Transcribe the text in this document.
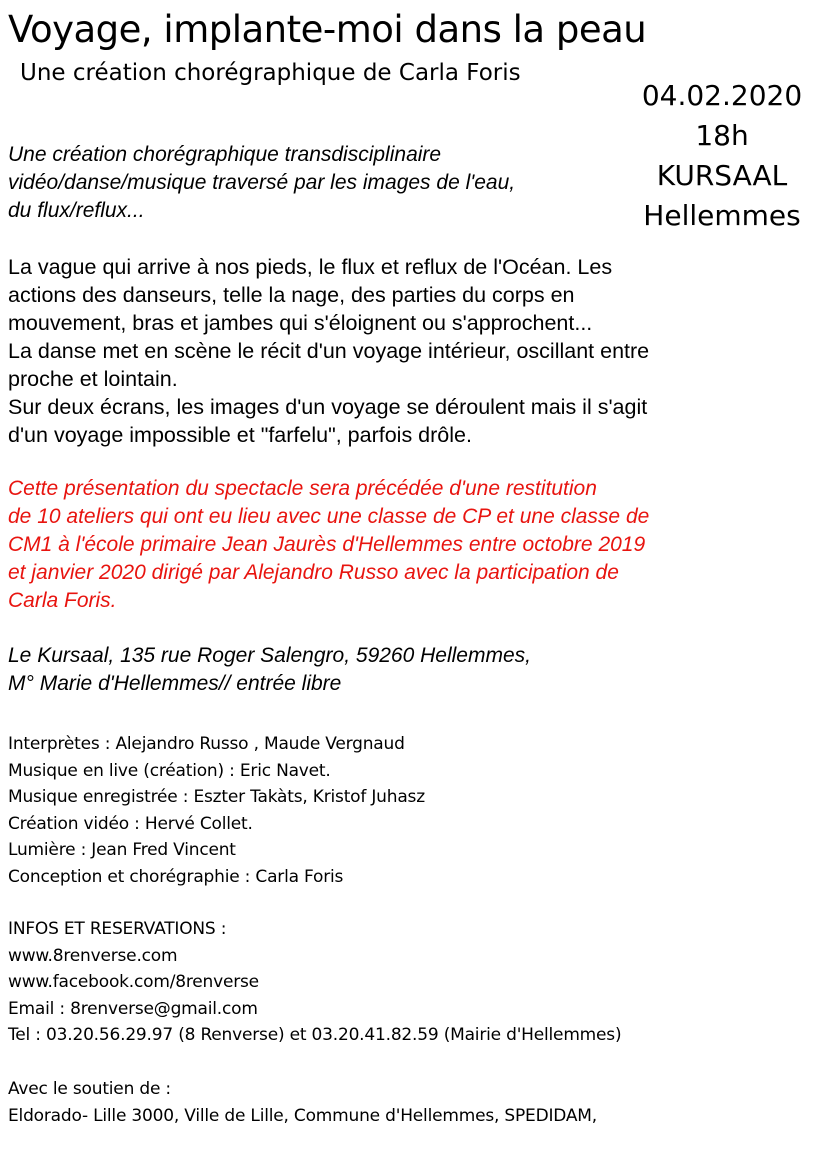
Voyage, implante-moi dans la peau
Une création chorégraphique de Carla Foris
04.02.2020
18h
KURSAAL
Hellemmes
Une création chorégraphique transdisciplinaire
vidéo/danse/musique traversé par les images de l'eau,
du flux/reflux...
La vague qui arrive à nos pieds, le flux et reflux de l'Océan. Les
actions des danseurs, telle la nage, des parties du corps en
mouvement, bras et jambes qui s'éloignent ou s'approchent...
La danse met en scène le récit d'un voyage intérieur, oscillant entre
proche et lointain.
Sur deux écrans, les images d'un voyage se déroulent mais il s'agit
d'un voyage impossible et "farfelu", parfois drôle.
Cette présentation du spectacle sera précédée d'une restitution
de 10 ateliers qui ont eu lieu avec une classe de CP et une classe de
CM1 à l'école primaire Jean Jaurès d'Hellemmes entre octobre 2019
et janvier 2020 dirigé par Alejandro Russo avec la participation de
Carla Foris.
Le Kursaal, 135 rue Roger Salengro, 59260 Hellemmes,
M° Marie d'Hellemmes// entrée libre
Interprètes : Alejandro Russo , Maude Vergnaud
Musique en live (création) : Eric Navet.
Musique enregistrée : Eszter Takàts, Kristof Juhasz
Création vidéo : Hervé Collet.
Lumière : Jean Fred Vincent
Conception et chorégraphie : Carla Foris
INFOS ET RESERVATIONS :
www.8renverse.com
www.facebook.com/8renverse
Email : 8renverse@gmail.com
Tel : 03.20.56.29.97 (8 Renverse) et 03.20.41.82.59 (Mairie d'Hellemmes)
Avec le soutien de :
Eldorado- Lille 3000, Ville de Lille, Commune d'Hellemmes, SPEDIDAM,
